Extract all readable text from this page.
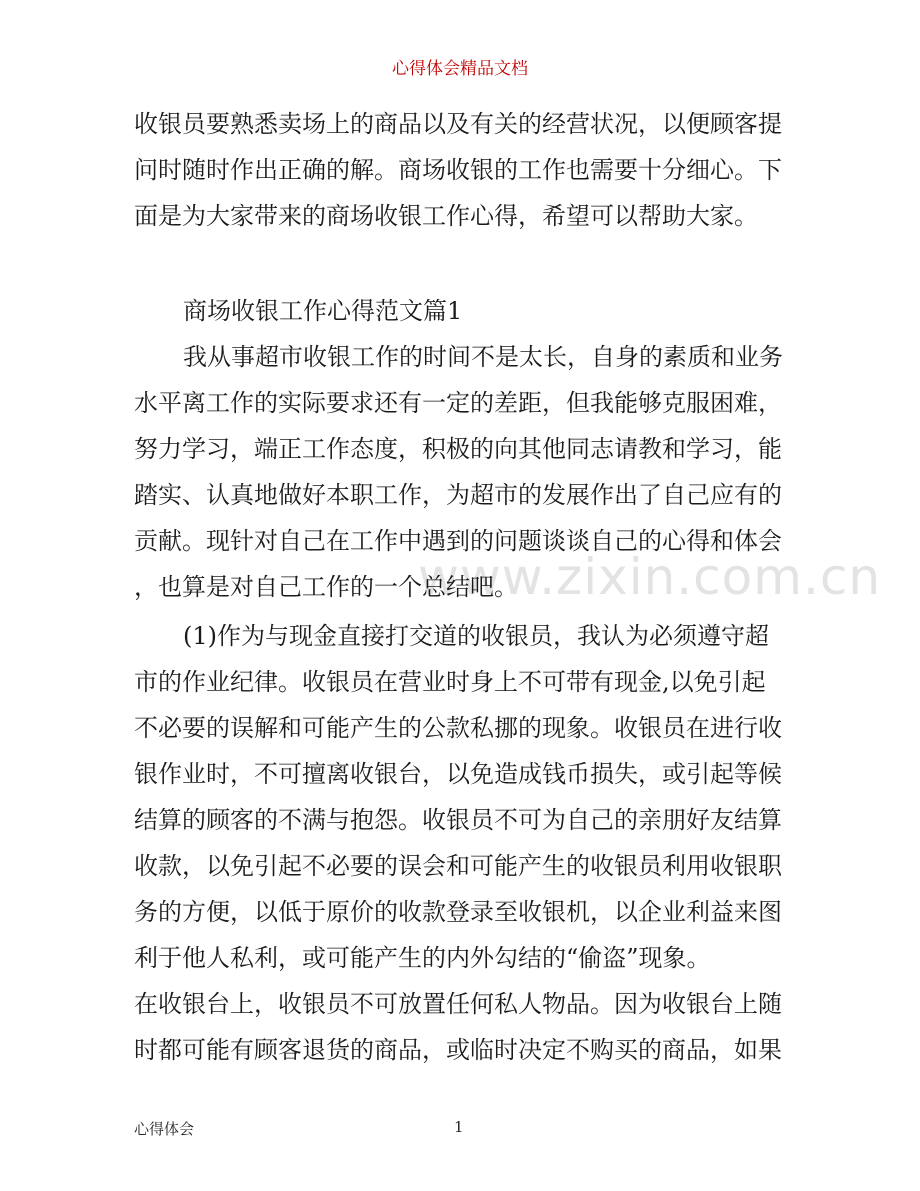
心得体会精品文档
www.zixin.com.cn
收银员要熟悉卖场上的商品以及有关的经营状况，以便顾客提
问时随时作出正确的解。商场收银的工作也需要十分细心。下
面是为大家带来的商场收银工作心得，希望可以帮助大家。
商场收银工作心得范文篇1
我从事超市收银工作的时间不是太长，自身的素质和业务
水平离工作的实际要求还有一定的差距，但我能够克服困难，
努力学习，端正工作态度，积极的向其他同志请教和学习，能
踏实、认真地做好本职工作，为超市的发展作出了自己应有的
贡献。现针对自己在工作中遇到的问题谈谈自己的心得和体会
，也算是对自己工作的一个总结吧。
(1)作为与现金直接打交道的收银员，我认为必须遵守超
市的作业纪律。收银员在营业时身上不可带有现金,以免引起
不必要的误解和可能产生的公款私挪的现象。收银员在进行收
银作业时，不可擅离收银台，以免造成钱币损失，或引起等候
结算的顾客的不满与抱怨。收银员不可为自己的亲朋好友结算
收款，以免引起不必要的误会和可能产生的收银员利用收银职
务的方便，以低于原价的收款登录至收银机，以企业利益来图
利于他人私利，或可能产生的内外勾结的“偷盗”现象。
在收银台上，收银员不可放置任何私人物品。因为收银台上随
时都可能有顾客退货的商品，或临时决定不购买的商品，如果
心得体会	1
